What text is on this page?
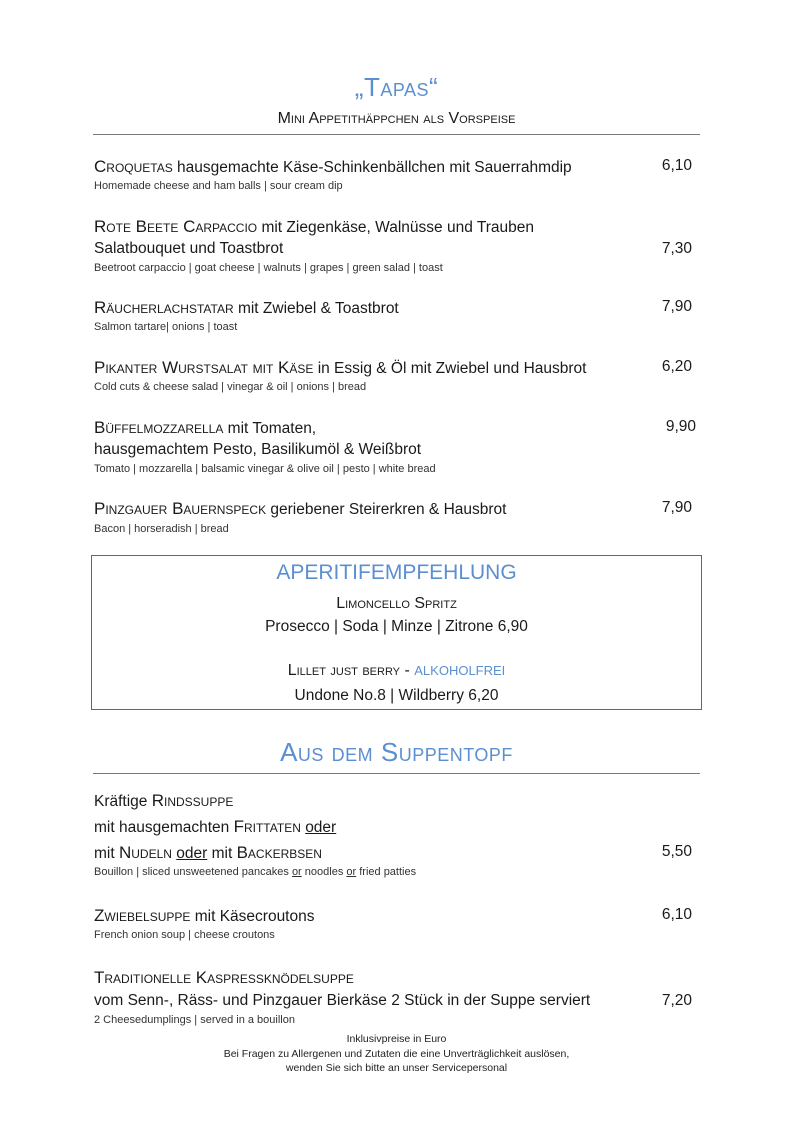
„Tapas“
Mini Appetithäppchen als Vorspeise
Croquetas hausgemachte Käse-Schinkenbällchen mit Sauerrahmdip	6,10
Homemade cheese and ham balls | sour cream dip
Rote Beete Carpaccio mit Ziegenkäse, Walnüsse und Trauben
Salatbouquet und Toastbrot	7,30
Beetroot carpaccio | goat cheese | walnuts | grapes | green salad | toast
Räucherlachstatar mit Zwiebel & Toastbrot	7,90
Salmon tartare| onions | toast
Pikanter Wurstsalat mit Käse in Essig & Öl mit Zwiebel und Hausbrot	6,20
Cold cuts & cheese salad | vinegar & oil | onions | bread
Büffelmozzarella mit Tomaten,	9,90
hausgemachtem Pesto, Basilikumöl & Weißbrot
Tomato | mozzarella | balsamic vinegar & olive oil | pesto | white bread
Pinzgauer Bauernspeck geriebener Steirerkren & Hausbrot	7,90
Bacon | horseradish | bread
APERITIFEMPFEHLUNG
Limoncello Spritz
Prosecco | Soda | Minze | Zitrone 6,90
Lillet just berry - ALKOHOLFREI
Undone No.8 | Wildberry 6,20
Aus dem Suppentopf
Kräftige Rindssuppe
mit hausgemachten Frittaten oder
mit Nudeln oder mit Backerbsen	5,50
Bouillon | sliced unsweetened pancakes or noodles or fried patties
Zwiebelsuppe mit Käsecroutons	6,10
French onion soup | cheese croutons
Traditionelle Kaspressknödelsuppe
vom Senn-, Räss- und Pinzgauer Bierkäse 2 Stück in der Suppe serviert	7,20
2 Cheesedumplings | served in a bouillon
Inklusivpreise in Euro
Bei Fragen zu Allergenen und Zutaten die eine Unverträglichkeit auslösen,
wenden Sie sich bitte an unser Servicepersonal
